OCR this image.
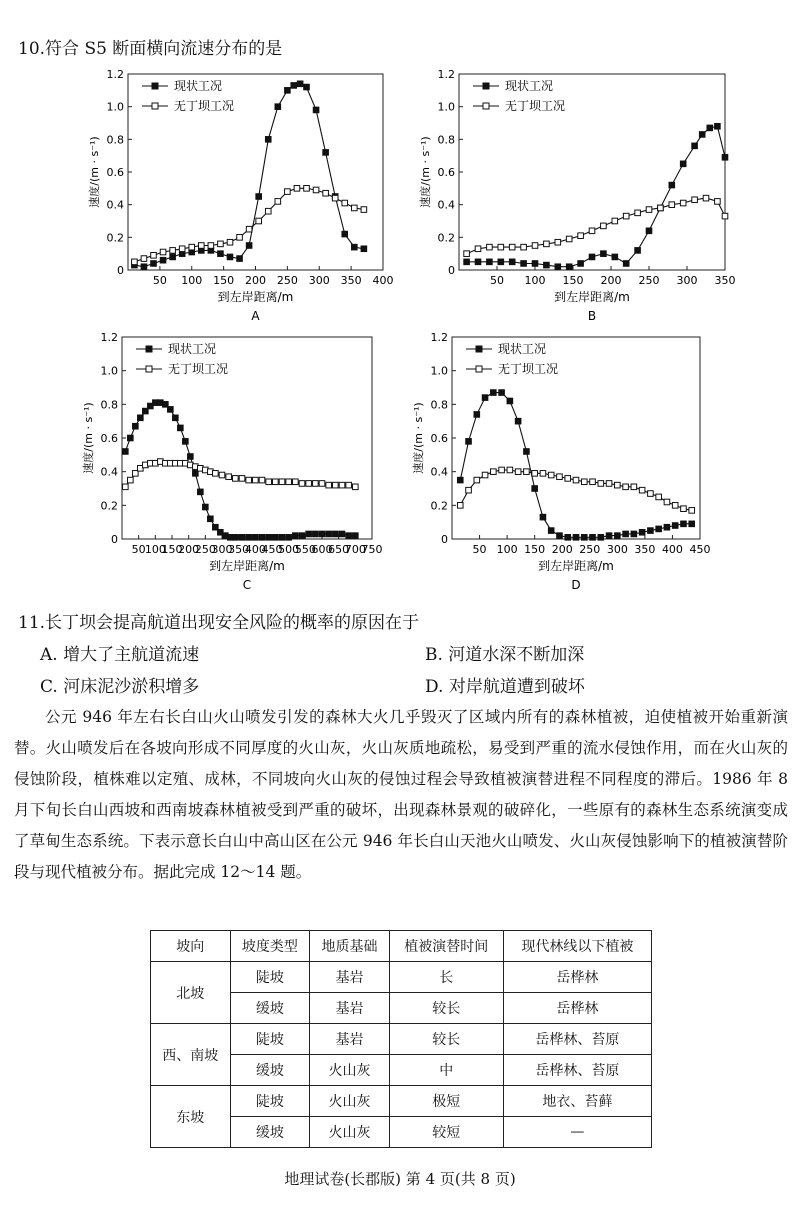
10.符合 S5 断面横向流速分布的是
0
0.2
0.4
0.6
0.8
1.0
1.2
50 100 150 200 250 300 350 400
到左岸距离/m
速度/(m · s⁻¹)
A
现状工况
无丁坝工况
0
0.2
0.4
0.6
0.8
1.0
1.2
50 100 150 200 250 300 350
到左岸距离/m
速度/(m · s⁻¹)
B
现状工况
无丁坝工况
0
0.2
0.4
0.6
0.8
1.0
1.2
50 100
150
200
250
300
350
400
450
500
550
600
650
700
750
到左岸距离/m
速度/(m · s⁻¹)
C
现状工况
无丁坝工况
0
0.2
0.4
0.6
0.8
1.0
1.2
50 100 150 200 250 300 350 400 450
到左岸距离/m
速度/(m · s⁻¹)
D
现状工况
无丁坝工况
11.长丁坝会提高航道出现安全风险的概率的原因在于
A. 增大了主航道流速	B. 河道水深不断加深
C. 河床泥沙淤积增多	D. 对岸航道遭到破坏

公元 946 年左右长白山火山喷发引发的森林大火几乎毁灭了区域内所有的森林植被，迫使植被开始重新演替。火山喷发后在各坡向形成不同厚度的火山灰，火山灰质地疏松，易受到严重的流水侵蚀作用，而在火山灰的侵蚀阶段，植株难以定殖、成林，不同坡向火山灰的侵蚀过程会导致植被演替进程不同程度的滞后。1986 年 8 月下旬长白山西坡和西南坡森林植被受到严重的破坏，出现森林景观的破碎化，一些原有的森林生态系统演变成了草甸生态系统。下表示意长白山中高山区在公元 946 年长白山天池火山喷发、火山灰侵蚀影响下的植被演替阶段与现代植被分布。据此完成 12～14 题。

坡向	坡度类型	地质基础	植被演替时间	现代林线以下植被
北坡	陡坡	基岩	长	岳桦林
	缓坡	基岩	较长	岳桦林
西、南坡	陡坡	基岩	较长	岳桦林、苔原
	缓坡	火山灰	中	岳桦林、苔原
东坡	陡坡	火山灰	极短	地衣、苔藓
	缓坡	火山灰	较短	—
地理试卷(长郡版) 第 4 页(共 8 页)
